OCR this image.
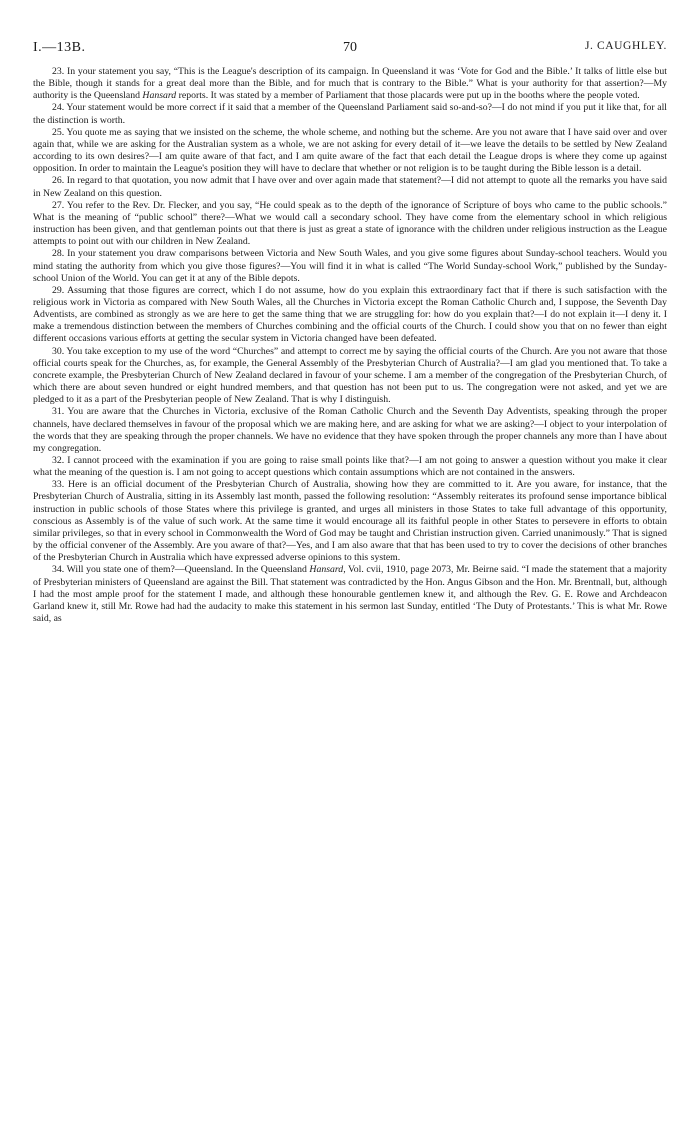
I.—13B.	70	J. CAUGHLEY.

23. In your statement you say, “This is the League's description of its campaign. In Queensland it was ‘Vote for God and the Bible.’ It talks of little else but the Bible, though it stands for a great deal more than the Bible, and for much that is contrary to the Bible.” What is your authority for that assertion?—My authority is the Queensland Hansard reports. It was stated by a member of Parliament that those placards were put up in the booths where the people voted.

24. Your statement would be more correct if it said that a member of the Queensland Parliament said so-and-so?—I do not mind if you put it like that, for all the distinction is worth.

25. You quote me as saying that we insisted on the scheme, the whole scheme, and nothing but the scheme. Are you not aware that I have said over and over again that, while we are asking for the Australian system as a whole, we are not asking for every detail of it—we leave the details to be settled by New Zealand according to its own desires?—I am quite aware of that fact, and I am quite aware of the fact that each detail the League drops is where they come up against opposition. In order to maintain the League's position they will have to declare that whether or not religion is to be taught during the Bible lesson is a detail.

26. In regard to that quotation, you now admit that I have over and over again made that statement?—I did not attempt to quote all the remarks you have said in New Zealand on this question.

27. You refer to the Rev. Dr. Flecker, and you say, “He could speak as to the depth of the ignorance of Scripture of boys who came to the public schools.” What is the meaning of “public school” there?—What we would call a secondary school. They have come from the elementary school in which religious instruction has been given, and that gentleman points out that there is just as great a state of ignorance with the children under religious instruction as the League attempts to point out with our children in New Zealand.

28. In your statement you draw comparisons between Victoria and New South Wales, and you give some figures about Sunday-school teachers. Would you mind stating the authority from which you give those figures?—You will find it in what is called “The World Sunday-school Work,” published by the Sunday-school Union of the World. You can get it at any of the Bible depots.

29. Assuming that those figures are correct, which I do not assume, how do you explain this extraordinary fact that if there is such satisfaction with the religious work in Victoria as compared with New South Wales, all the Churches in Victoria except the Roman Catholic Church and, I suppose, the Seventh Day Adventists, are combined as strongly as we are here to get the same thing that we are struggling for: how do you explain that?—I do not explain it—I deny it. I make a tremendous distinction between the members of Churches combining and the official courts of the Church. I could show you that on no fewer than eight different occasions various efforts at getting the secular system in Victoria changed have been defeated.

30. You take exception to my use of the word “Churches” and attempt to correct me by saying the official courts of the Church. Are you not aware that those official courts speak for the Churches, as, for example, the General Assembly of the Presbyterian Church of Australia?—I am glad you mentioned that. To take a concrete example, the Presbyterian Church of New Zealand declared in favour of your scheme. I am a member of the congregation of the Presbyterian Church, of which there are about seven hundred or eight hundred members, and that question has not been put to us. The congregation were not asked, and yet we are pledged to it as a part of the Presbyterian people of New Zealand. That is why I distinguish.

31. You are aware that the Churches in Victoria, exclusive of the Roman Catholic Church and the Seventh Day Adventists, speaking through the proper channels, have declared themselves in favour of the proposal which we are making here, and are asking for what we are asking?—I object to your interpolation of the words that they are speaking through the proper channels. We have no evidence that they have spoken through the proper channels any more than I have about my congregation.

32. I cannot proceed with the examination if you are going to raise small points like that?—I am not going to answer a question without you make it clear what the meaning of the question is. I am not going to accept questions which contain assumptions which are not contained in the answers.

33. Here is an official document of the Presbyterian Church of Australia, showing how they are committed to it. Are you aware, for instance, that the Presbyterian Church of Australia, sitting in its Assembly last month, passed the following resolution: “Assembly reiterates its profound sense importance biblical instruction in public schools of those States where this privilege is granted, and urges all ministers in those States to take full advantage of this opportunity, conscious as Assembly is of the value of such work. At the same time it would encourage all its faithful people in other States to persevere in efforts to obtain similar privileges, so that in every school in Commonwealth the Word of God may be taught and Christian instruction given. Carried unanimously.” That is signed by the official convener of the Assembly. Are you aware of that?—Yes, and I am also aware that that has been used to try to cover the decisions of other branches of the Presbyterian Church in Australia which have expressed adverse opinions to this system.

34. Will you state one of them?—Queensland. In the Queensland Hansard, Vol. cvii, 1910, page 2073, Mr. Beirne said. “I made the statement that a majority of Presbyterian ministers of Queensland are against the Bill. That statement was contradicted by the Hon. Angus Gibson and the Hon. Mr. Brentnall, but, although I had the most ample proof for the statement I made, and although these honourable gentlemen knew it, and although the Rev. G. E. Rowe and Archdeacon Garland knew it, still Mr. Rowe had had the audacity to make this statement in his sermon last Sunday, entitled ‘The Duty of Protestants.’ This is what Mr. Rowe said, as
